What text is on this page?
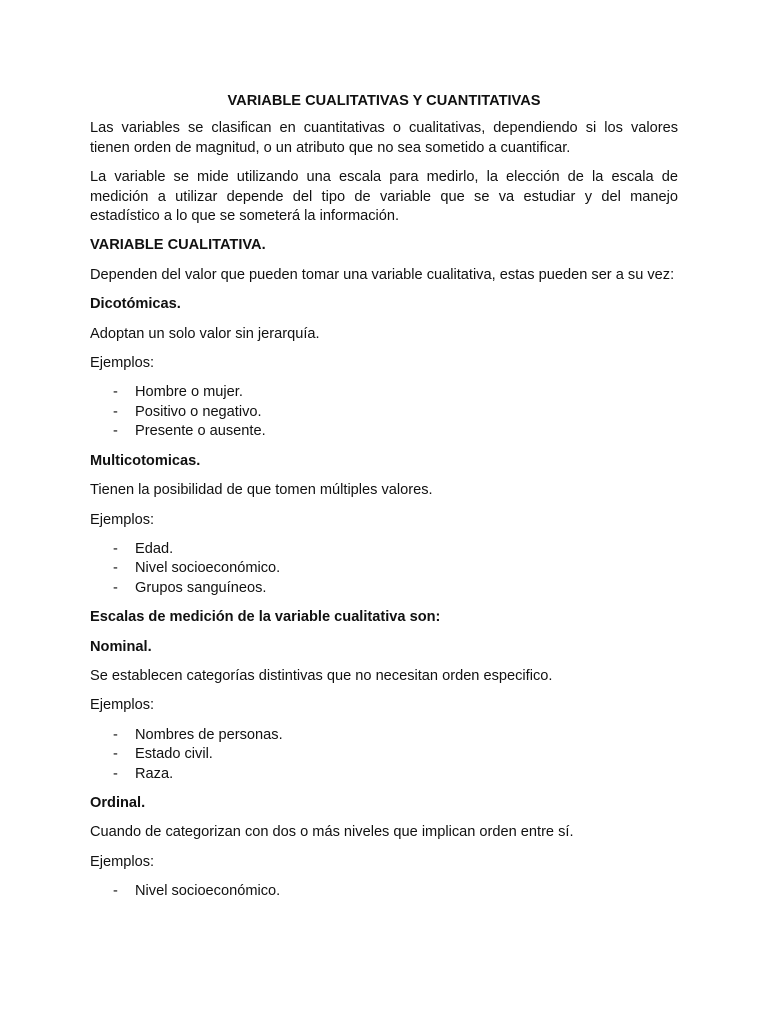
VARIABLE CUALITATIVAS Y CUANTITATIVAS

Las variables se clasifican en cuantitativas o cualitativas, dependiendo si los valores tienen orden de magnitud, o un atributo que no sea sometido a cuantificar.

La variable se mide utilizando una escala para medirlo, la elección de la escala de medición a utilizar depende del tipo de variable que se va estudiar y del manejo estadístico a lo que se someterá la información.

VARIABLE CUALITATIVA.

Dependen del valor que pueden tomar una variable cualitativa, estas pueden ser a su vez:

Dicotómicas.

Adoptan un solo valor sin jerarquía.

Ejemplos:

- Hombre o mujer.
- Positivo o negativo.
- Presente o ausente.
Multicotomicas.

Tienen la posibilidad de que tomen múltiples valores.

Ejemplos:

- Edad.
- Nivel socioeconómico.
- Grupos sanguíneos.
Escalas de medición de la variable cualitativa son:
Nominal.

Se establecen categorías distintivas que no necesitan orden especifico.

Ejemplos:

- Nombres de personas.
- Estado civil.
- Raza.
Ordinal.

Cuando de categorizan con dos o más niveles que implican orden entre sí.

Ejemplos:

- Nivel socioeconómico.
